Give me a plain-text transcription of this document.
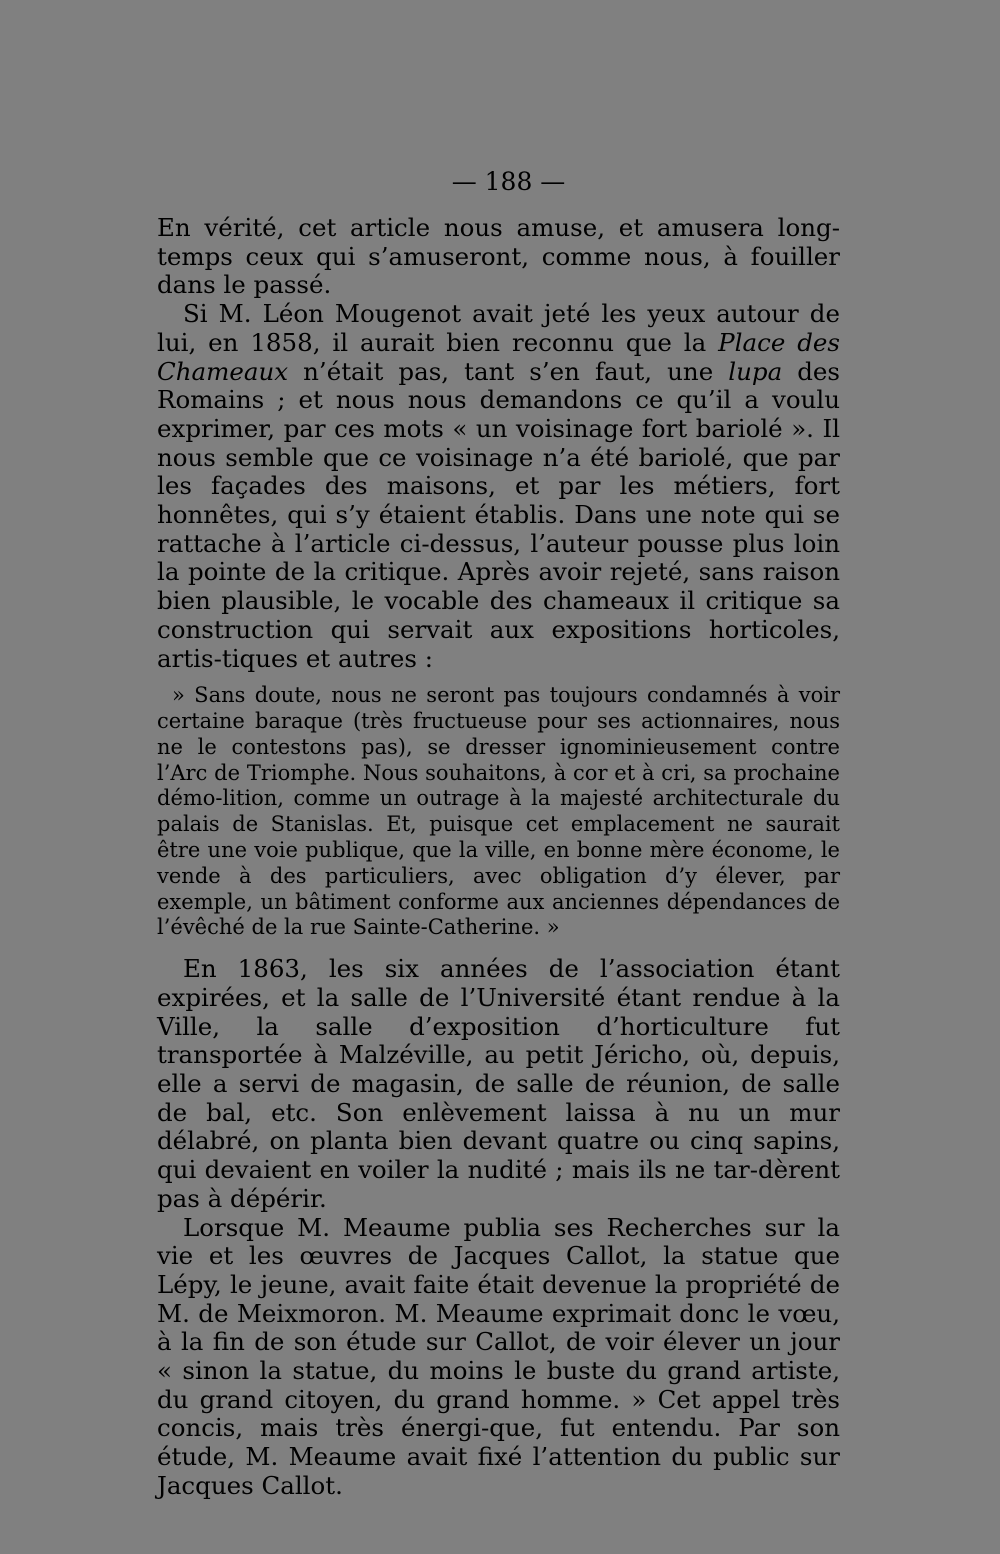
— 188 —

En vérité, cet article nous amuse, et amusera long-temps ceux qui s’amuseront, comme nous, à fouiller dans le passé.

Si M. Léon Mougenot avait jeté les yeux autour de lui, en 1858, il aurait bien reconnu que la Place des Chameaux n’était pas, tant s’en faut, une lupa des Romains ; et nous nous demandons ce qu’il a voulu exprimer, par ces mots « un voisinage fort bariolé ». Il nous semble que ce voisinage n’a été bariolé, que par les façades des maisons, et par les métiers, fort honnêtes, qui s’y étaient établis. Dans une note qui se rattache à l’article ci-dessus, l’auteur pousse plus loin la pointe de la critique. Après avoir rejeté, sans raison bien plausible, le vocable des chameaux il critique sa construction qui servait aux expositions horticoles, artis-tiques et autres :

» Sans doute, nous ne seront pas toujours condamnés à voir certaine baraque (très fructueuse pour ses actionnaires, nous ne le contestons pas), se dresser ignominieusement contre l’Arc de Triomphe. Nous souhaitons, à cor et à cri, sa prochaine démo-lition, comme un outrage à la majesté architecturale du palais de Stanislas. Et, puisque cet emplacement ne saurait être une voie publique, que la ville, en bonne mère économe, le vende à des particuliers, avec obligation d’y élever, par exemple, un bâtiment conforme aux anciennes dépendances de l’évêché de la rue Sainte-Catherine. »

En 1863, les six années de l’association étant expirées, et la salle de l’Université étant rendue à la Ville, la salle d’exposition d’horticulture fut transportée à Malzéville, au petit Jéricho, où, depuis, elle a servi de magasin, de salle de réunion, de salle de bal, etc. Son enlèvement laissa à nu un mur délabré, on planta bien devant quatre ou cinq sapins, qui devaient en voiler la nudité ; mais ils ne tar-dèrent pas à dépérir.

Lorsque M. Meaume publia ses Recherches sur la vie et les œuvres de Jacques Callot, la statue que Lépy, le jeune, avait faite était devenue la propriété de M. de Meixmoron. M. Meaume exprimait donc le vœu, à la fin de son étude sur Callot, de voir élever un jour « sinon la statue, du moins le buste du grand artiste, du grand citoyen, du grand homme. » Cet appel très concis, mais très énergi-que, fut entendu. Par son étude, M. Meaume avait fixé l’attention du public sur Jacques Callot.
